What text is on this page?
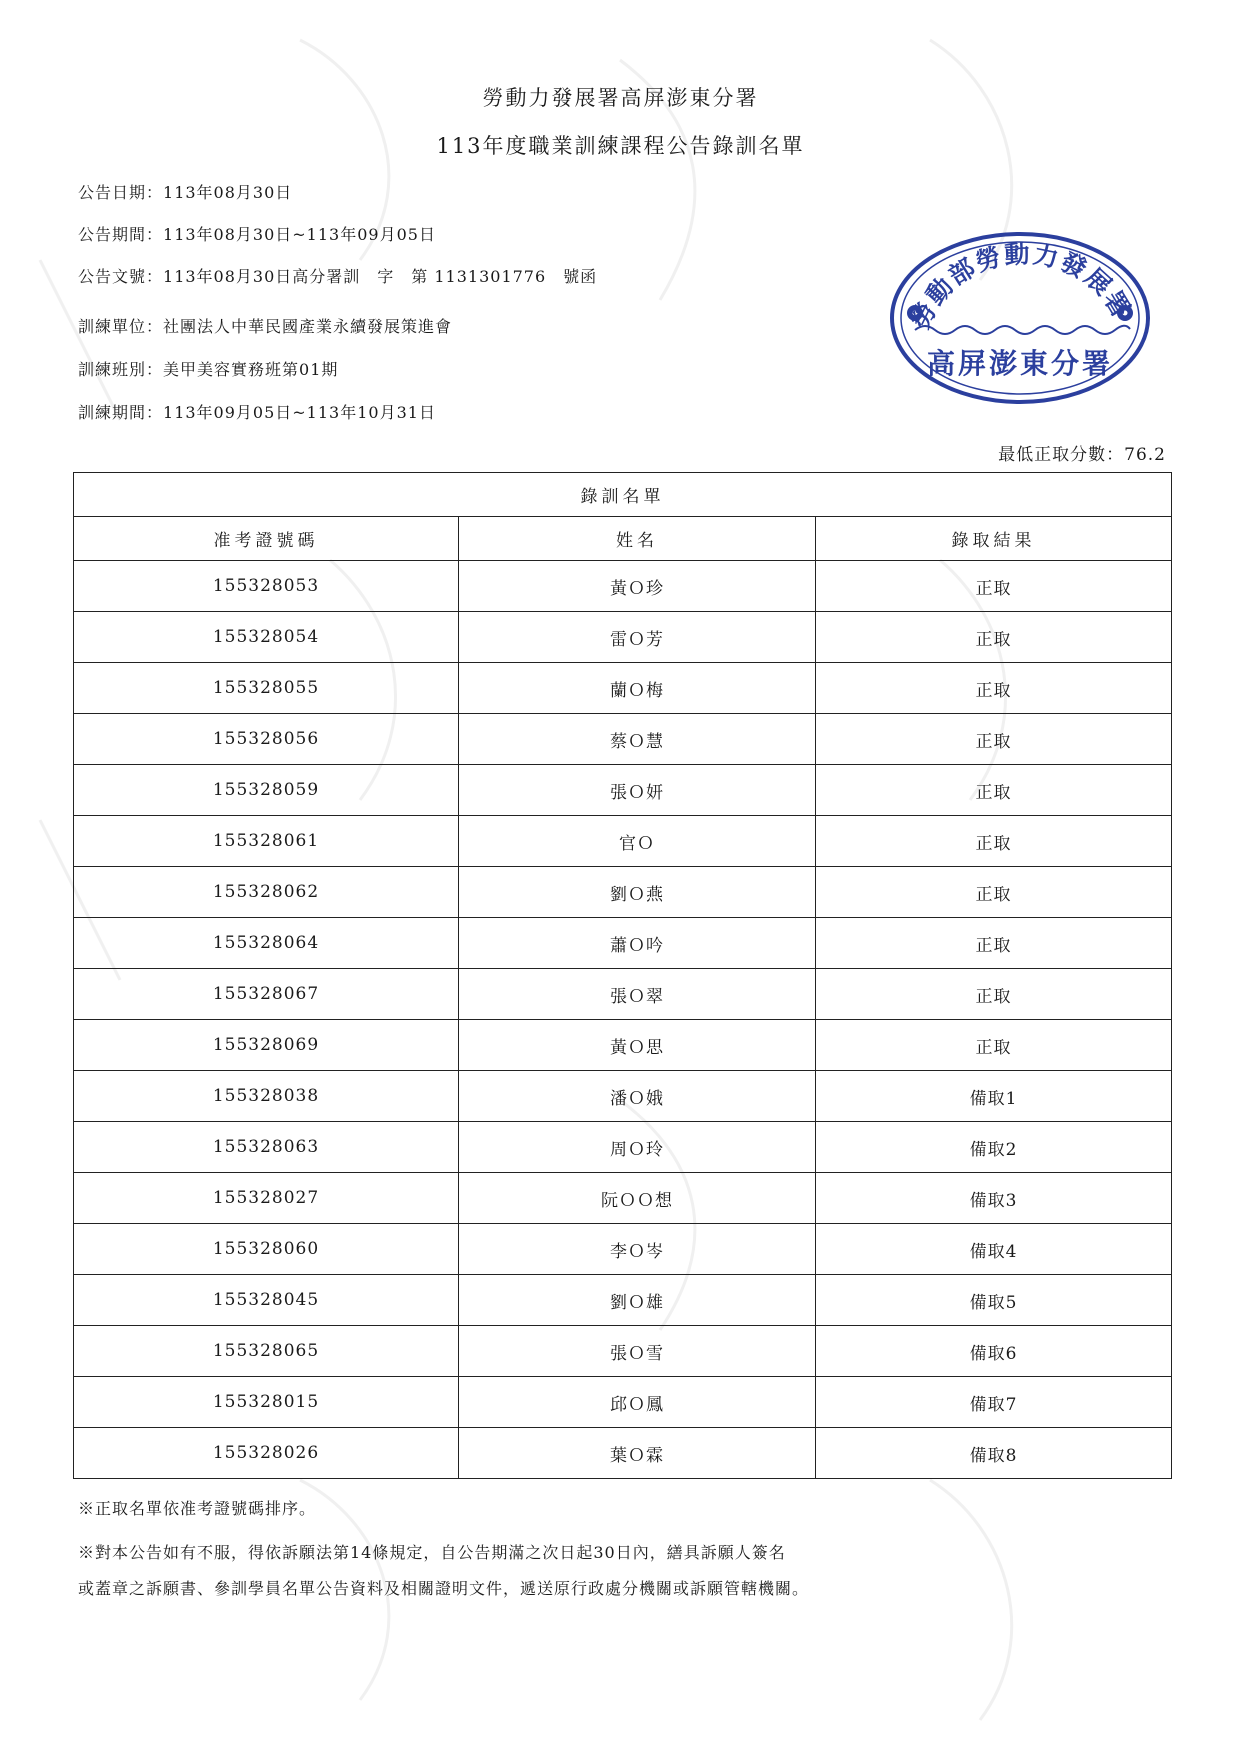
勞動力發展署高屏澎東分署
113年度職業訓練課程公告錄訓名單
公告日期：113年08月30日
公告期間：113年08月30日~113年09月05日
公告文號：113年08月30日高分署訓　字　第 1131301776　號函
訓練單位：社團法人中華民國產業永續發展策進會
訓練班別：美甲美容實務班第01期
訓練期間：113年09月05日~113年10月31日
勞動部勞動力發展署
高屏澎東分署
最低正取分數：76.2
錄訓名單		
准考證號碼	姓名	錄取結果
155328053	黃Ｏ珍	正取
155328054	雷Ｏ芳	正取
155328055	蘭Ｏ梅	正取
155328056	蔡Ｏ慧	正取
155328059	張Ｏ妍	正取
155328061	官Ｏ	正取
155328062	劉Ｏ燕	正取
155328064	蕭Ｏ吟	正取
155328067	張Ｏ翠	正取
155328069	黃Ｏ思	正取
155328038	潘Ｏ娥	備取1
155328063	周Ｏ玲	備取2
155328027	阮ＯＯ想	備取3
155328060	李Ｏ岑	備取4
155328045	劉Ｏ雄	備取5
155328065	張Ｏ雪	備取6
155328015	邱Ｏ鳳	備取7
155328026	葉Ｏ霖	備取8
※正取名單依准考證號碼排序。
※對本公告如有不服，得依訴願法第14條規定，自公告期滿之次日起30日內，繕具訴願人簽名
或蓋章之訴願書、參訓學員名單公告資料及相關證明文件，遞送原行政處分機關或訴願管轄機關。
